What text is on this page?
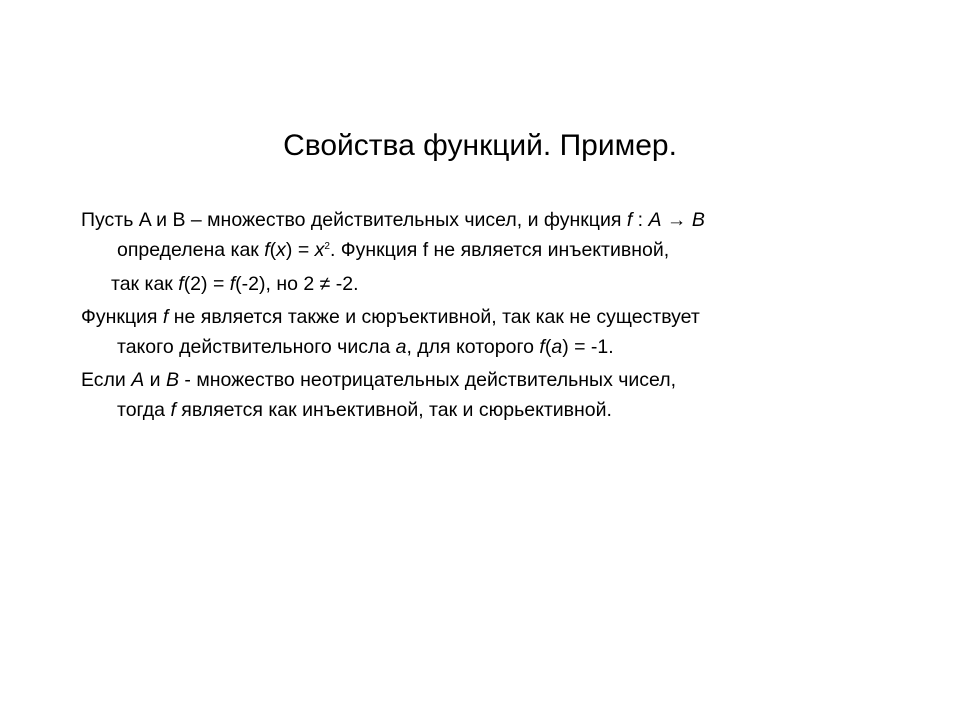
Свойства функций. Пример.
Пусть A и B – множество действительных чисел, и функция f : A → B
определена как $f(x) = x^2$. Функция f не является инъективной,
так как f(2) = f(-2), но 2 ≠ -2.
Функция f не является также и сюръективной, так как не существует
такого действительного числа a, для которого f(a) = -1.
Если A и B - множество неотрицательных действительных чисел,
тогда f является как инъективной, так и сюрьективной.
